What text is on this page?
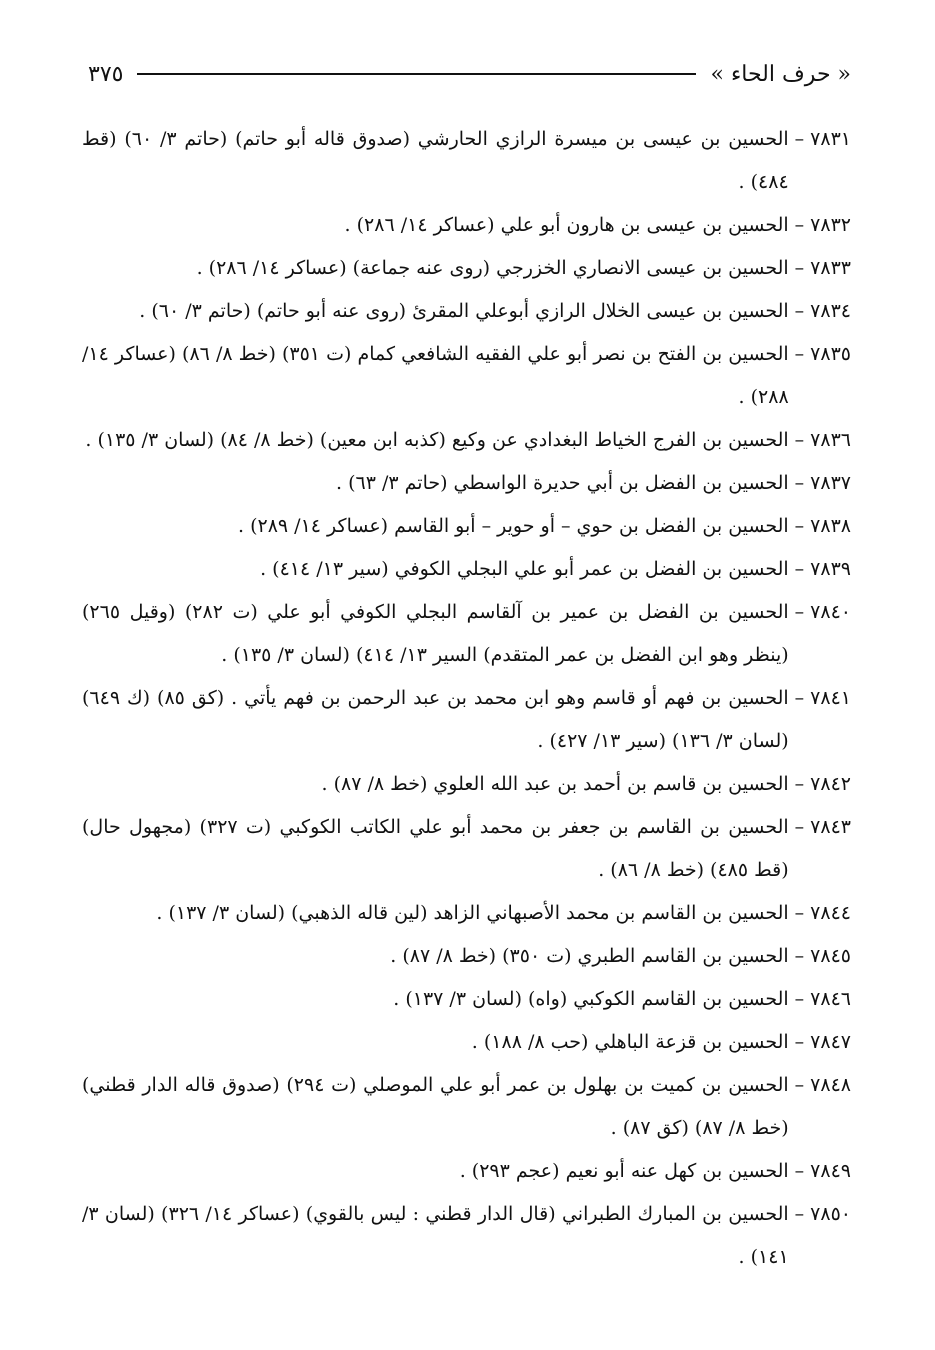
« حرف الحاء »
٣٧٥
٧٨٣١
–
الحسين بن عيسى بن ميسرة الرازي الحارشي (صدوق قاله أبو حاتم) (حاتم ٣/ ٦٠) (قط ٤٨٤) .
٧٨٣٢
–
الحسين بن عيسى بن هارون أبو علي (عساكر ١٤/ ٢٨٦) .
٧٨٣٣
–
الحسين بن عيسى الانصاري الخزرجي (روى عنه جماعة) (عساكر ١٤/ ٢٨٦) .
٧٨٣٤
–
الحسين بن عيسى الخلال الرازي أبوعلي المقرئ (روى عنه أبو حاتم) (حاتم ٣/ ٦٠) .
٧٨٣٥
–
الحسين بن الفتح بن نصر أبو علي الفقيه الشافعي كمام (ت ٣٥١) (خط ٨/ ٨٦) (عساكر ١٤/ ٢٨٨) .
٧٨٣٦
–
الحسين بن الفرج الخياط البغدادي عن وكيع (كذبه ابن معين) (خط ٨/ ٨٤) (لسان ٣/ ١٣٥) .
٧٨٣٧
–
الحسين بن الفضل بن أبي حديرة الواسطي (حاتم ٣/ ٦٣) .
٧٨٣٨
–
الحسين بن الفضل بن حوي – أو حوير – أبو القاسم (عساكر ١٤/ ٢٨٩) .
٧٨٣٩
–
الحسين بن الفضل بن عمر أبو علي البجلي الكوفي (سير ١٣/ ٤١٤) .
٧٨٤٠
–
الحسين بن الفضل بن عمير بن آلقاسم البجلي الكوفي أبو علي (ت ٢٨٢) (وقيل ٢٦٥) (ينظر وهو ابن الفضل بن عمر المتقدم) السير ١٣/ ٤١٤) (لسان ٣/ ١٣٥) .
٧٨٤١
–
الحسين بن فهم أو قاسم وهو ابن محمد بن عبد الرحمن بن فهم يأتي . (كق ٨٥) (ك ٦٤٩) (لسان ٣/ ١٣٦) (سير ١٣/ ٤٢٧) .
٧٨٤٢
–
الحسين بن قاسم بن أحمد بن عبد الله العلوي (خط ٨/ ٨٧) .
٧٨٤٣
–
الحسين بن القاسم بن جعفر بن محمد أبو علي الكاتب الكوكبي (ت ٣٢٧) (مجهول حال) (قط ٤٨٥) (خط ٨/ ٨٦) .
٧٨٤٤
–
الحسين بن القاسم بن محمد الأصبهاني الزاهد (لين قاله الذهبي) (لسان ٣/ ١٣٧) .
٧٨٤٥
–
الحسين بن القاسم الطبري (ت ٣٥٠) (خط ٨/ ٨٧) .
٧٨٤٦
–
الحسين بن القاسم الكوكبي (واه) (لسان ٣/ ١٣٧) .
٧٨٤٧
–
الحسين بن قزعة الباهلي (حب ٨/ ١٨٨) .
٧٨٤٨
–
الحسين بن كميت بن بهلول بن عمر أبو علي الموصلي (ت ٢٩٤) (صدوق قاله الدار قطني) (خط ٨/ ٨٧) (كق ٨٧) .
٧٨٤٩
–
الحسين بن كهل عنه أبو نعيم (عجم ٢٩٣) .
٧٨٥٠
–
الحسين بن المبارك الطبراني (قال الدار قطني : ليس بالقوي) (عساكر ١٤/ ٣٢٦) (لسان ٣/ ١٤١) .
